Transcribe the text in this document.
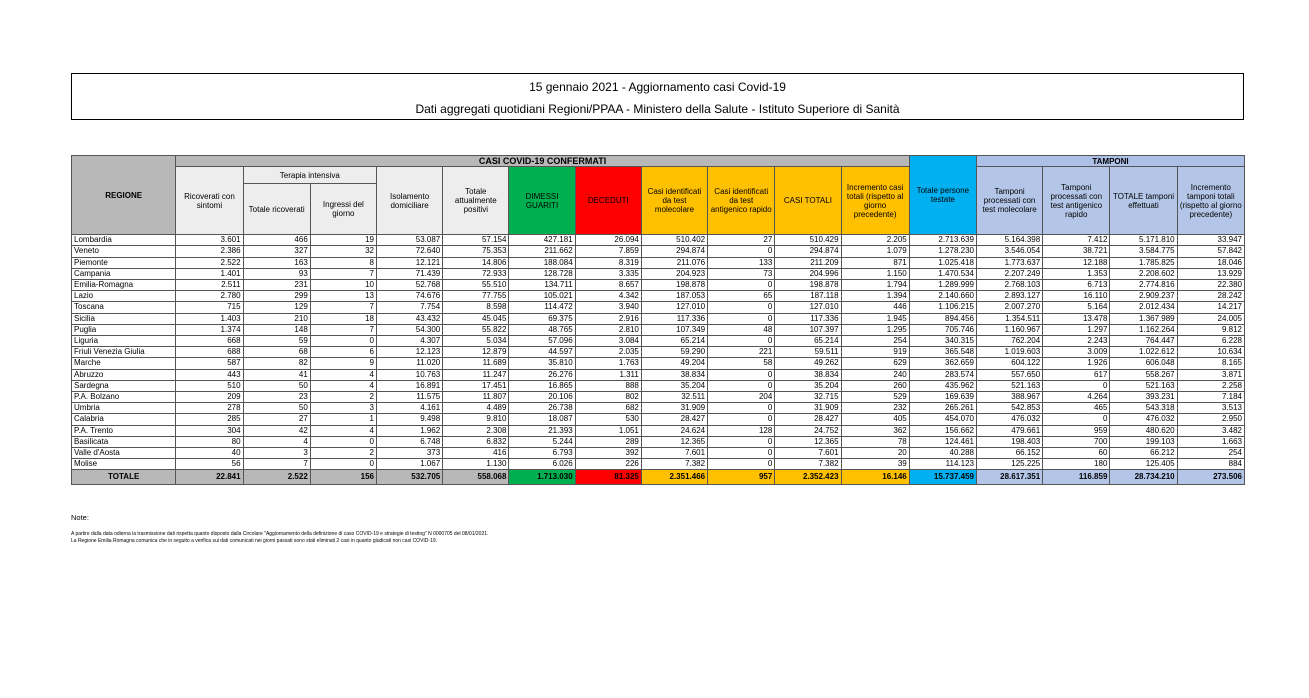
15 gennaio 2021 - Aggiornamento casi Covid-19
Dati aggregati quotidiani Regioni/PPAA - Ministero della Salute - Istituto Superiore di Sanità
REGIONE	CASI COVID-19 CONFERMATI											Totale persone testate	TAMPONI			
	Ricoverati con sintomi	Terapia intensiva		Isolamento domiciliare	Totale attualmente positivi	DIMESSI GUARITI	DECEDUTI	Casi identificati da test molecolare	Casi identificati da test antigenico rapido	CASI TOTALI	Incremento casi totali (rispetto al giorno precedente)		Tamponi processati con test molecolare	Tamponi processati con test antigenico rapido	TOTALE tamponi effettuati	Incremento tamponi totali (rispetto al giorno precedente)
		Totale ricoverati	Ingressi del giorno													
Lombardia	3.601	466	19	53.087	57.154	427.181	26.094	510.402	27	510.429	2.205	2.713.639	5.164.398	7.412	5.171.810	33.947
Veneto	2.386	327	32	72.640	75.353	211.662	7.859	294.874	0	294.874	1.079	1.278.230	3.546.054	38.721	3.584.775	57.842
Piemonte	2.522	163	8	12.121	14.806	188.084	8.319	211.076	133	211.209	871	1.025.418	1.773.637	12.188	1.785.825	18.046
Campania	1.401	93	7	71.439	72.933	128.728	3.335	204.923	73	204.996	1.150	1.470.534	2.207.249	1.353	2.208.602	13.929
Emilia-Romagna	2.511	231	10	52.768	55.510	134.711	8.657	198.878	0	198.878	1.794	1.289.999	2.768.103	6.713	2.774.816	22.380
Lazio	2.780	299	13	74.676	77.755	105.021	4.342	187.053	65	187.118	1.394	2.140.660	2.893.127	16.110	2.909.237	28.242
Toscana	715	129	7	7.754	8.598	114.472	3.940	127.010	0	127.010	446	1.106.215	2.007.270	5.164	2.012.434	14.217
Sicilia	1.403	210	18	43.432	45.045	69.375	2.916	117.336	0	117.336	1.945	894.456	1.354.511	13.478	1.367.989	24.005
Puglia	1.374	148	7	54.300	55.822	48.765	2.810	107.349	48	107.397	1.295	705.746	1.160.967	1.297	1.162.264	9.812
Liguria	668	59	0	4.307	5.034	57.096	3.084	65.214	0	65.214	254	340.315	762.204	2.243	764.447	6.228
Friuli Venezia Giulia	688	68	6	12.123	12.879	44.597	2.035	59.290	221	59.511	919	365.548	1.019.603	3.009	1.022.612	10.634
Marche	587	82	9	11.020	11.689	35.810	1.763	49.204	58	49.262	629	362.659	604.122	1.926	606.048	8.165
Abruzzo	443	41	4	10.763	11.247	26.276	1.311	38.834	0	38.834	240	283.574	557.650	617	558.267	3.871
Sardegna	510	50	4	16.891	17.451	16.865	888	35.204	0	35.204	260	435.962	521.163	0	521.163	2.258
P.A. Bolzano	209	23	2	11.575	11.807	20.106	802	32.511	204	32.715	529	169.639	388.967	4.264	393.231	7.184
Umbria	278	50	3	4.161	4.489	26.738	682	31.909	0	31.909	232	265.261	542.853	465	543.318	3.513
Calabria	285	27	1	9.498	9.810	18.087	530	28.427	0	28.427	405	454.070	476.032	0	476.032	2.950
P.A. Trento	304	42	4	1.962	2.308	21.393	1.051	24.624	128	24.752	362	156.662	479.661	959	480.620	3.482
Basilicata	80	4	0	6.748	6.832	5.244	289	12.365	0	12.365	78	124.461	198.403	700	199.103	1.663
Valle d'Aosta	40	3	2	373	416	6.793	392	7.601	0	7.601	20	40.288	66.152	60	66.212	254
Molise	56	7	0	1.067	1.130	6.026	226	7.382	0	7.382	39	114.123	125.225	180	125.405	884
TOTALE	22.841	2.522	156	532.705	558.068	1.713.030	81.325	2.351.466	957	2.352.423	16.146	15.737.459	28.617.351	116.859	28.734.210	273.506
Note:
A partire dalla data odierna la trasmissione dati rispetta quanto disposto dalla Circolare "Aggiornamento della definizione di caso COVID-19 e strategie di testing" N 0000705 del 08/01/2021.
La Regione Emilia Romagna comunica che in seguito a verifica sui dati comunicati nei giorni passati sono stati eliminati 2 casi in quanto giudicati non casi COVID-19.
